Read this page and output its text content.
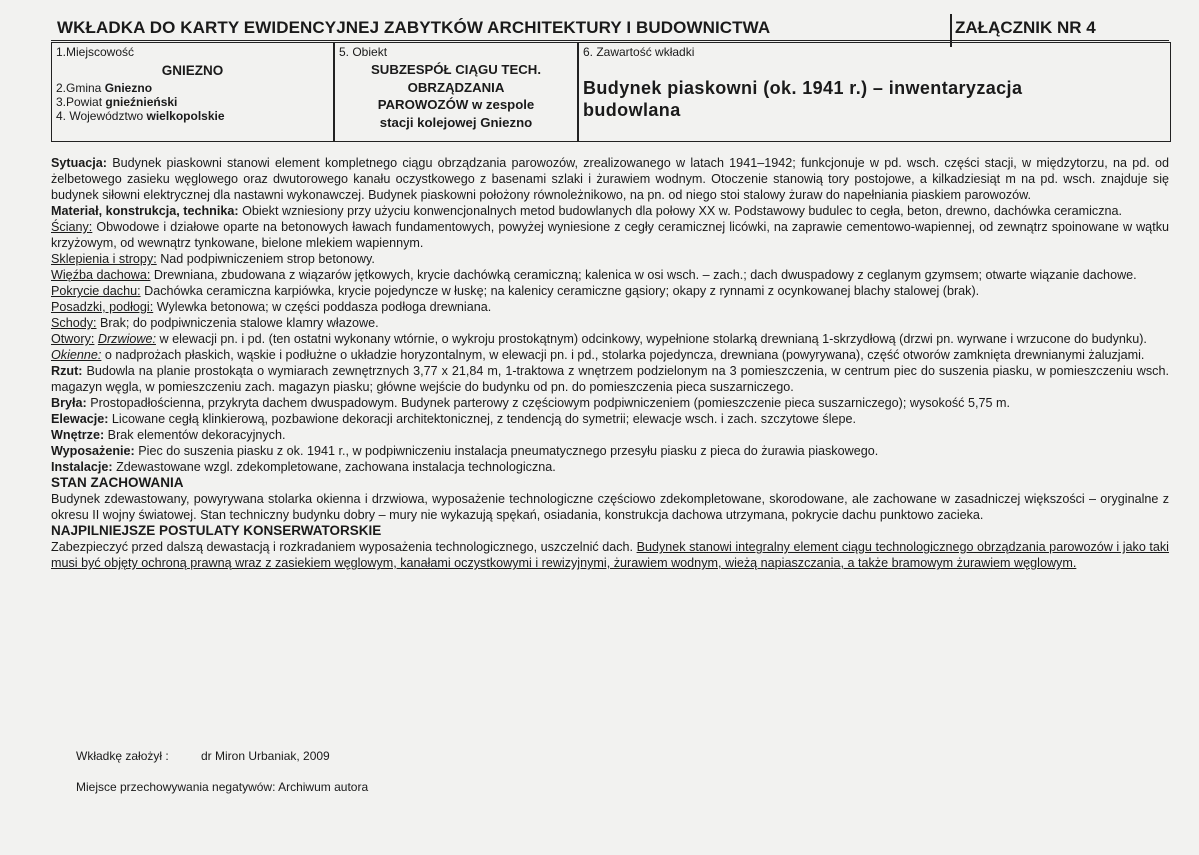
WKŁADKA DO KARTY EWIDENCYJNEJ ZABYTKÓW ARCHITEKTURY I BUDOWNICTWA	ZAŁĄCZNIK NR 4
1.Miejscowość
GNIEZNO
2.Gmina Gniezno
3.Powiat gnieźnieński
4. Województwo wielkopolskie
5. Obiekt
SUBZESPÓŁ CIĄGU TECH.
OBRZĄDZANIA
PAROWOZÓW w zespole
stacji kolejowej Gniezno
6. Zawartość wkładki
Budynek piaskowni (ok. 1941 r.) – inwentaryzacja
budowlana

Sytuacja: Budynek piaskowni stanowi element kompletnego ciągu obrządzania parowozów, zrealizowanego w latach 1941–1942; funkcjonuje w pd. wsch. części stacji, w międzytorzu, na pd. od żelbetowego zasieku węglowego oraz dwutorowego kanału oczystkowego z basenami szlaki i żurawiem wodnym. Otoczenie stanowią tory postojowe, a kilkadziesiąt m na pd. wsch. znajduje się budynek siłowni elektrycznej dla nastawni wykonawczej. Budynek piaskowni położony równoleżnikowo, na pn. od niego stoi stalowy żuraw do napełniania piaskiem parowozów.

Materiał, konstrukcja, technika: Obiekt wzniesiony przy użyciu konwencjonalnych metod budowlanych dla połowy XX w. Podstawowy budulec to cegła, beton, drewno, dachówka ceramiczna.

Ściany: Obwodowe i działowe oparte na betonowych ławach fundamentowych, powyżej wyniesione z cegły ceramicznej licówki, na zaprawie cementowo-wapiennej, od zewnątrz spoinowane w wątku krzyżowym, od wewnątrz tynkowane, bielone mlekiem wapiennym.

Sklepienia i stropy: Nad podpiwniczeniem strop betonowy.

Więźba dachowa: Drewniana, zbudowana z wiązarów jętkowych, krycie dachówką ceramiczną; kalenica w osi wsch. – zach.; dach dwuspadowy z ceglanym gzymsem; otwarte wiązanie dachowe.

Pokrycie dachu: Dachówka ceramiczna karpiówka, krycie pojedyncze w łuskę; na kalenicy ceramiczne gąsiory; okapy z rynnami z ocynkowanej blachy stalowej (brak).

Posadzki, podłogi: Wylewka betonowa; w części poddasza podłoga drewniana.

Schody: Brak; do podpiwniczenia stalowe klamry włazowe.

Otwory: Drzwiowe: w elewacji pn. i pd. (ten ostatni wykonany wtórnie, o wykroju prostokątnym) odcinkowy, wypełnione stolarką drewnianą 1-skrzydłową (drzwi pn. wyrwane i wrzucone do budynku).

Okienne: o nadprożach płaskich, wąskie i podłużne o układzie horyzontalnym, w elewacji pn. i pd., stolarka pojedyncza, drewniana (powyrywana), część otworów zamknięta drewnianymi żaluzjami.

Rzut: Budowla na planie prostokąta o wymiarach zewnętrznych 3,77 x 21,84 m, 1-traktowa z wnętrzem podzielonym na 3 pomieszczenia, w centrum piec do suszenia piasku, w pomieszczeniu wsch. magazyn węgla, w pomieszczeniu zach. magazyn piasku; główne wejście do budynku od pn. do pomieszczenia pieca suszarniczego.

Bryła: Prostopadłościenna, przykryta dachem dwuspadowym. Budynek parterowy z częściowym podpiwniczeniem (pomieszczenie pieca suszarniczego); wysokość 5,75 m.

Elewacje: Licowane cegłą klinkierową, pozbawione dekoracji architektonicznej, z tendencją do symetrii; elewacje wsch. i zach. szczytowe ślepe.

Wnętrze: Brak elementów dekoracyjnych.

Wyposażenie: Piec do suszenia piasku z ok. 1941 r., w podpiwniczeniu instalacja pneumatycznego przesyłu piasku z pieca do żurawia piaskowego.

Instalacje: Zdewastowane wzgl. zdekompletowane, zachowana instalacja technologiczna.

STAN ZACHOWANIA

Budynek zdewastowany, powyrywana stolarka okienna i drzwiowa, wyposażenie technologiczne częściowo zdekompletowane, skorodowane, ale zachowane w zasadniczej większości – oryginalne z okresu II wojny światowej. Stan techniczny budynku dobry – mury nie wykazują spękań, osiadania, konstrukcja dachowa utrzymana, pokrycie dachu punktowo zacieka.

NAJPILNIEJSZE POSTULATY KONSERWATORSKIE

Zabezpieczyć przed dalszą dewastacją i rozkradaniem wyposażenia technologicznego, uszczelnić dach. Budynek stanowi integralny element ciągu technologicznego obrządzania parowozów i jako taki musi być objęty ochroną prawną wraz z zasiekiem węglowym, kanałami oczystkowymi i rewizyjnymi, żurawiem wodnym, wieżą napiaszczania, a także bramowym żurawiem węglowym.

Wkładkę założył :	dr Miron Urbaniak, 2009
Miejsce przechowywania negatywów: Archiwum autora
